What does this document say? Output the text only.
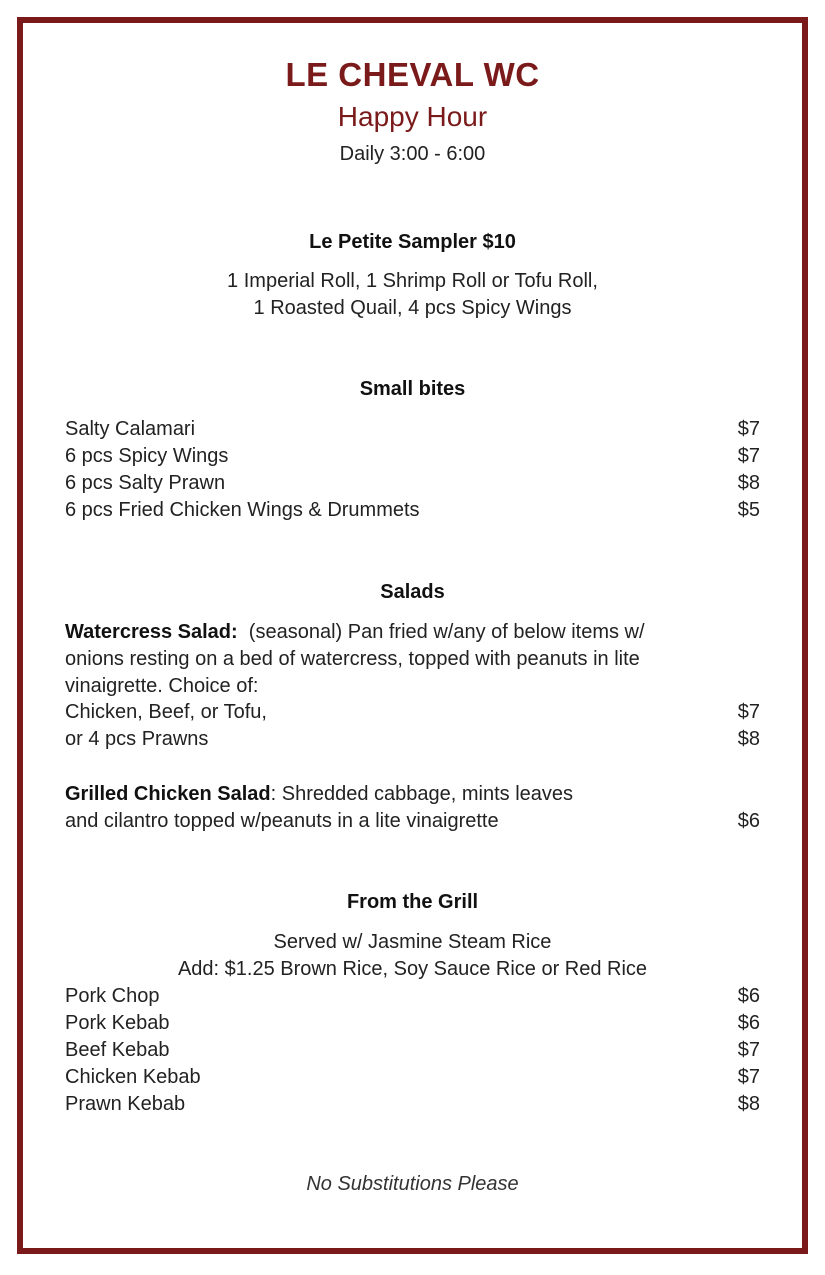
LE CHEVAL WC
Happy Hour
Daily 3:00 - 6:00
Le Petite Sampler $10
1 Imperial Roll, 1 Shrimp Roll or Tofu Roll,
1 Roasted Quail, 4 pcs Spicy Wings
Small bites
Salty Calamari	$7
6 pcs Spicy Wings	$7
6 pcs Salty Prawn	$8
6 pcs Fried Chicken Wings & Drummets	$5
Salads
Watercress Salad:  (seasonal) Pan fried w/any of below items w/
onions resting on a bed of watercress, topped with peanuts in lite
vinaigrette. Choice of:
Chicken, Beef, or Tofu,	$7
or 4 pcs Prawns	$8
Grilled Chicken Salad: Shredded cabbage, mints leaves
and cilantro topped w/peanuts in a lite vinaigrette	$6
From the Grill
Served w/ Jasmine Steam Rice
Add: $1.25 Brown Rice, Soy Sauce Rice or Red Rice
Pork Chop	$6
Pork Kebab	$6
Beef Kebab	$7
Chicken Kebab	$7
Prawn Kebab	$8
No Substitutions Please
